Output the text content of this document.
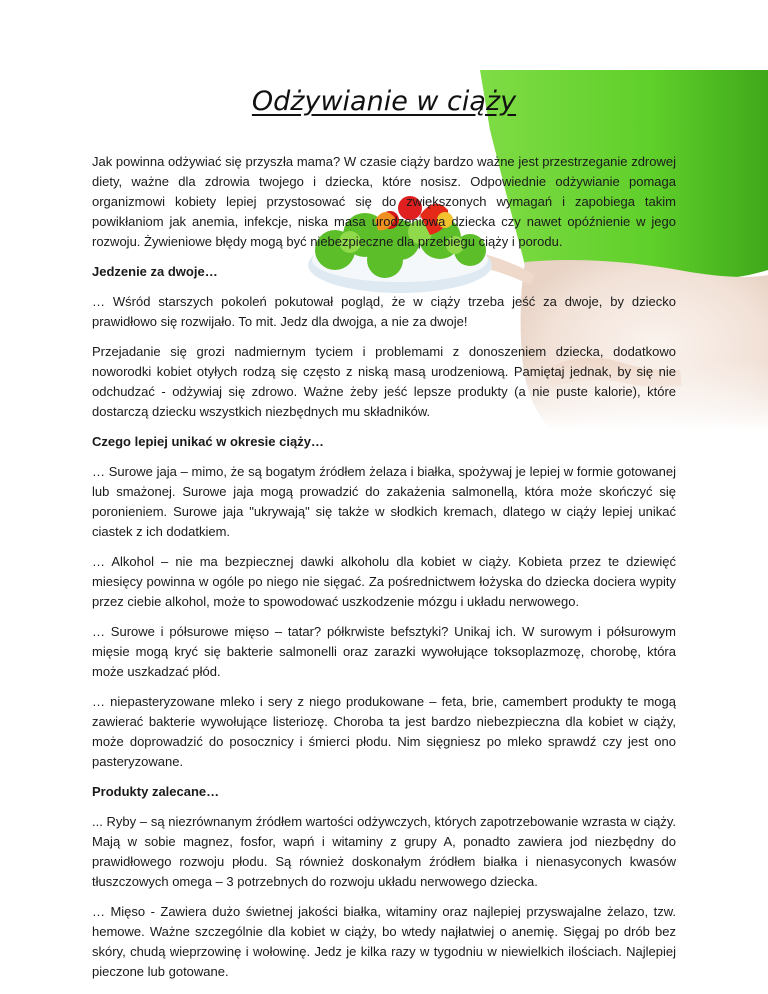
Odżywianie w ciąży

Jak powinna odżywiać się przyszła mama? W czasie ciąży bardzo ważne jest przestrzeganie zdrowej diety, ważne dla zdrowia twojego i dziecka, które nosisz. Odpowiednie odżywianie pomaga organizmowi kobiety lepiej przystosować się do zwiększonych wymagań i zapobiega takim powikłaniom jak anemia, infekcje, niska masa urodzeniowa dziecka czy nawet opóźnienie w jego rozwoju. Żywieniowe błędy mogą być niebezpieczne dla przebiegu ciąży i porodu.

Jedzenie za dwoje…

… Wśród starszych pokoleń pokutował pogląd, że w ciąży trzeba jeść za dwoje, by dziecko prawidłowo się rozwijało. To mit. Jedz dla dwojga, a nie za dwoje!

Przejadanie się grozi nadmiernym tyciem i problemami z donoszeniem dziecka, dodatkowo noworodki kobiet otyłych rodzą się często z niską masą urodzeniową. Pamiętaj jednak, by się nie odchudzać - odżywiaj się zdrowo. Ważne żeby jeść lepsze produkty (a nie puste kalorie), które dostarczą dziecku wszystkich niezbędnych mu składników.

Czego lepiej unikać w okresie ciąży…

… Surowe jaja – mimo, że są bogatym źródłem żelaza i białka, spożywaj je lepiej w formie gotowanej lub smażonej. Surowe jaja mogą prowadzić do zakażenia salmonellą, która może skończyć się poronieniem. Surowe jaja "ukrywają" się także w słodkich kremach, dlatego w ciąży lepiej unikać ciastek z ich dodatkiem.

… Alkohol – nie ma bezpiecznej dawki alkoholu dla kobiet w ciąży. Kobieta przez te dziewięć miesięcy powinna w ogóle po niego nie sięgać. Za pośrednictwem łożyska do dziecka dociera wypity przez ciebie alkohol, może to spowodować uszkodzenie mózgu i układu nerwowego.

… Surowe i półsurowe mięso – tatar? półkrwiste befsztyki? Unikaj ich. W surowym i półsurowym mięsie mogą kryć się bakterie salmonelli oraz zarazki wywołujące toksoplazmozę, chorobę, która może uszkadzać płód.

… niepasteryzowane mleko i sery z niego produkowane – feta, brie, camembert produkty te mogą zawierać bakterie wywołujące listeriozę. Choroba ta jest bardzo niebezpieczna dla kobiet w ciąży, może doprowadzić do posocznicy i śmierci płodu. Nim sięgniesz po mleko sprawdź czy jest ono pasteryzowane.

Produkty zalecane…

... Ryby – są niezrównanym źródłem wartości odżywczych, których zapotrzebowanie wzrasta w ciąży. Mają w sobie magnez, fosfor, wapń i witaminy z grupy A, ponadto zawiera jod niezbędny do prawidłowego rozwoju płodu. Są również doskonałym źródłem białka i nienasyconych kwasów tłuszczowych omega – 3 potrzebnych do rozwoju układu nerwowego dziecka.

… Mięso - Zawiera dużo świetnej jakości białka, witaminy oraz najlepiej przyswajalne żelazo, tzw. hemowe. Ważne szczególnie dla kobiet w ciąży, bo wtedy najłatwiej o anemię. Sięgaj po drób bez skóry, chudą wieprzowinę i wołowinę. Jedz je kilka razy w tygodniu w niewielkich ilościach. Najlepiej pieczone lub gotowane.
